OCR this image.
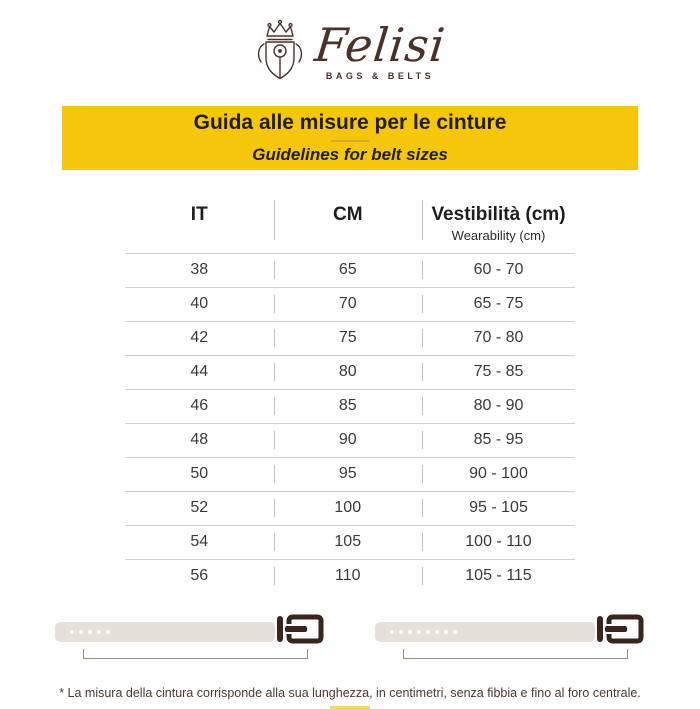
Felisi
BAGS & BELTS
Guida alle misure per le cinture
Guidelines for belt sizes
IT	CM	Vestibilità (cm)
Wearability (cm)
38	65	60 - 70
40	70	65 - 75
42	75	70 - 80
44	80	75 - 85
46	85	80 - 90
48	90	85 - 95
50	95	90 - 100
52	100	95 - 105
54	105	100 - 110
56	110	105 - 115

* La misura della cintura corrisponde alla sua lunghezza, in centimetri, senza fibbia e fino al foro centrale.
